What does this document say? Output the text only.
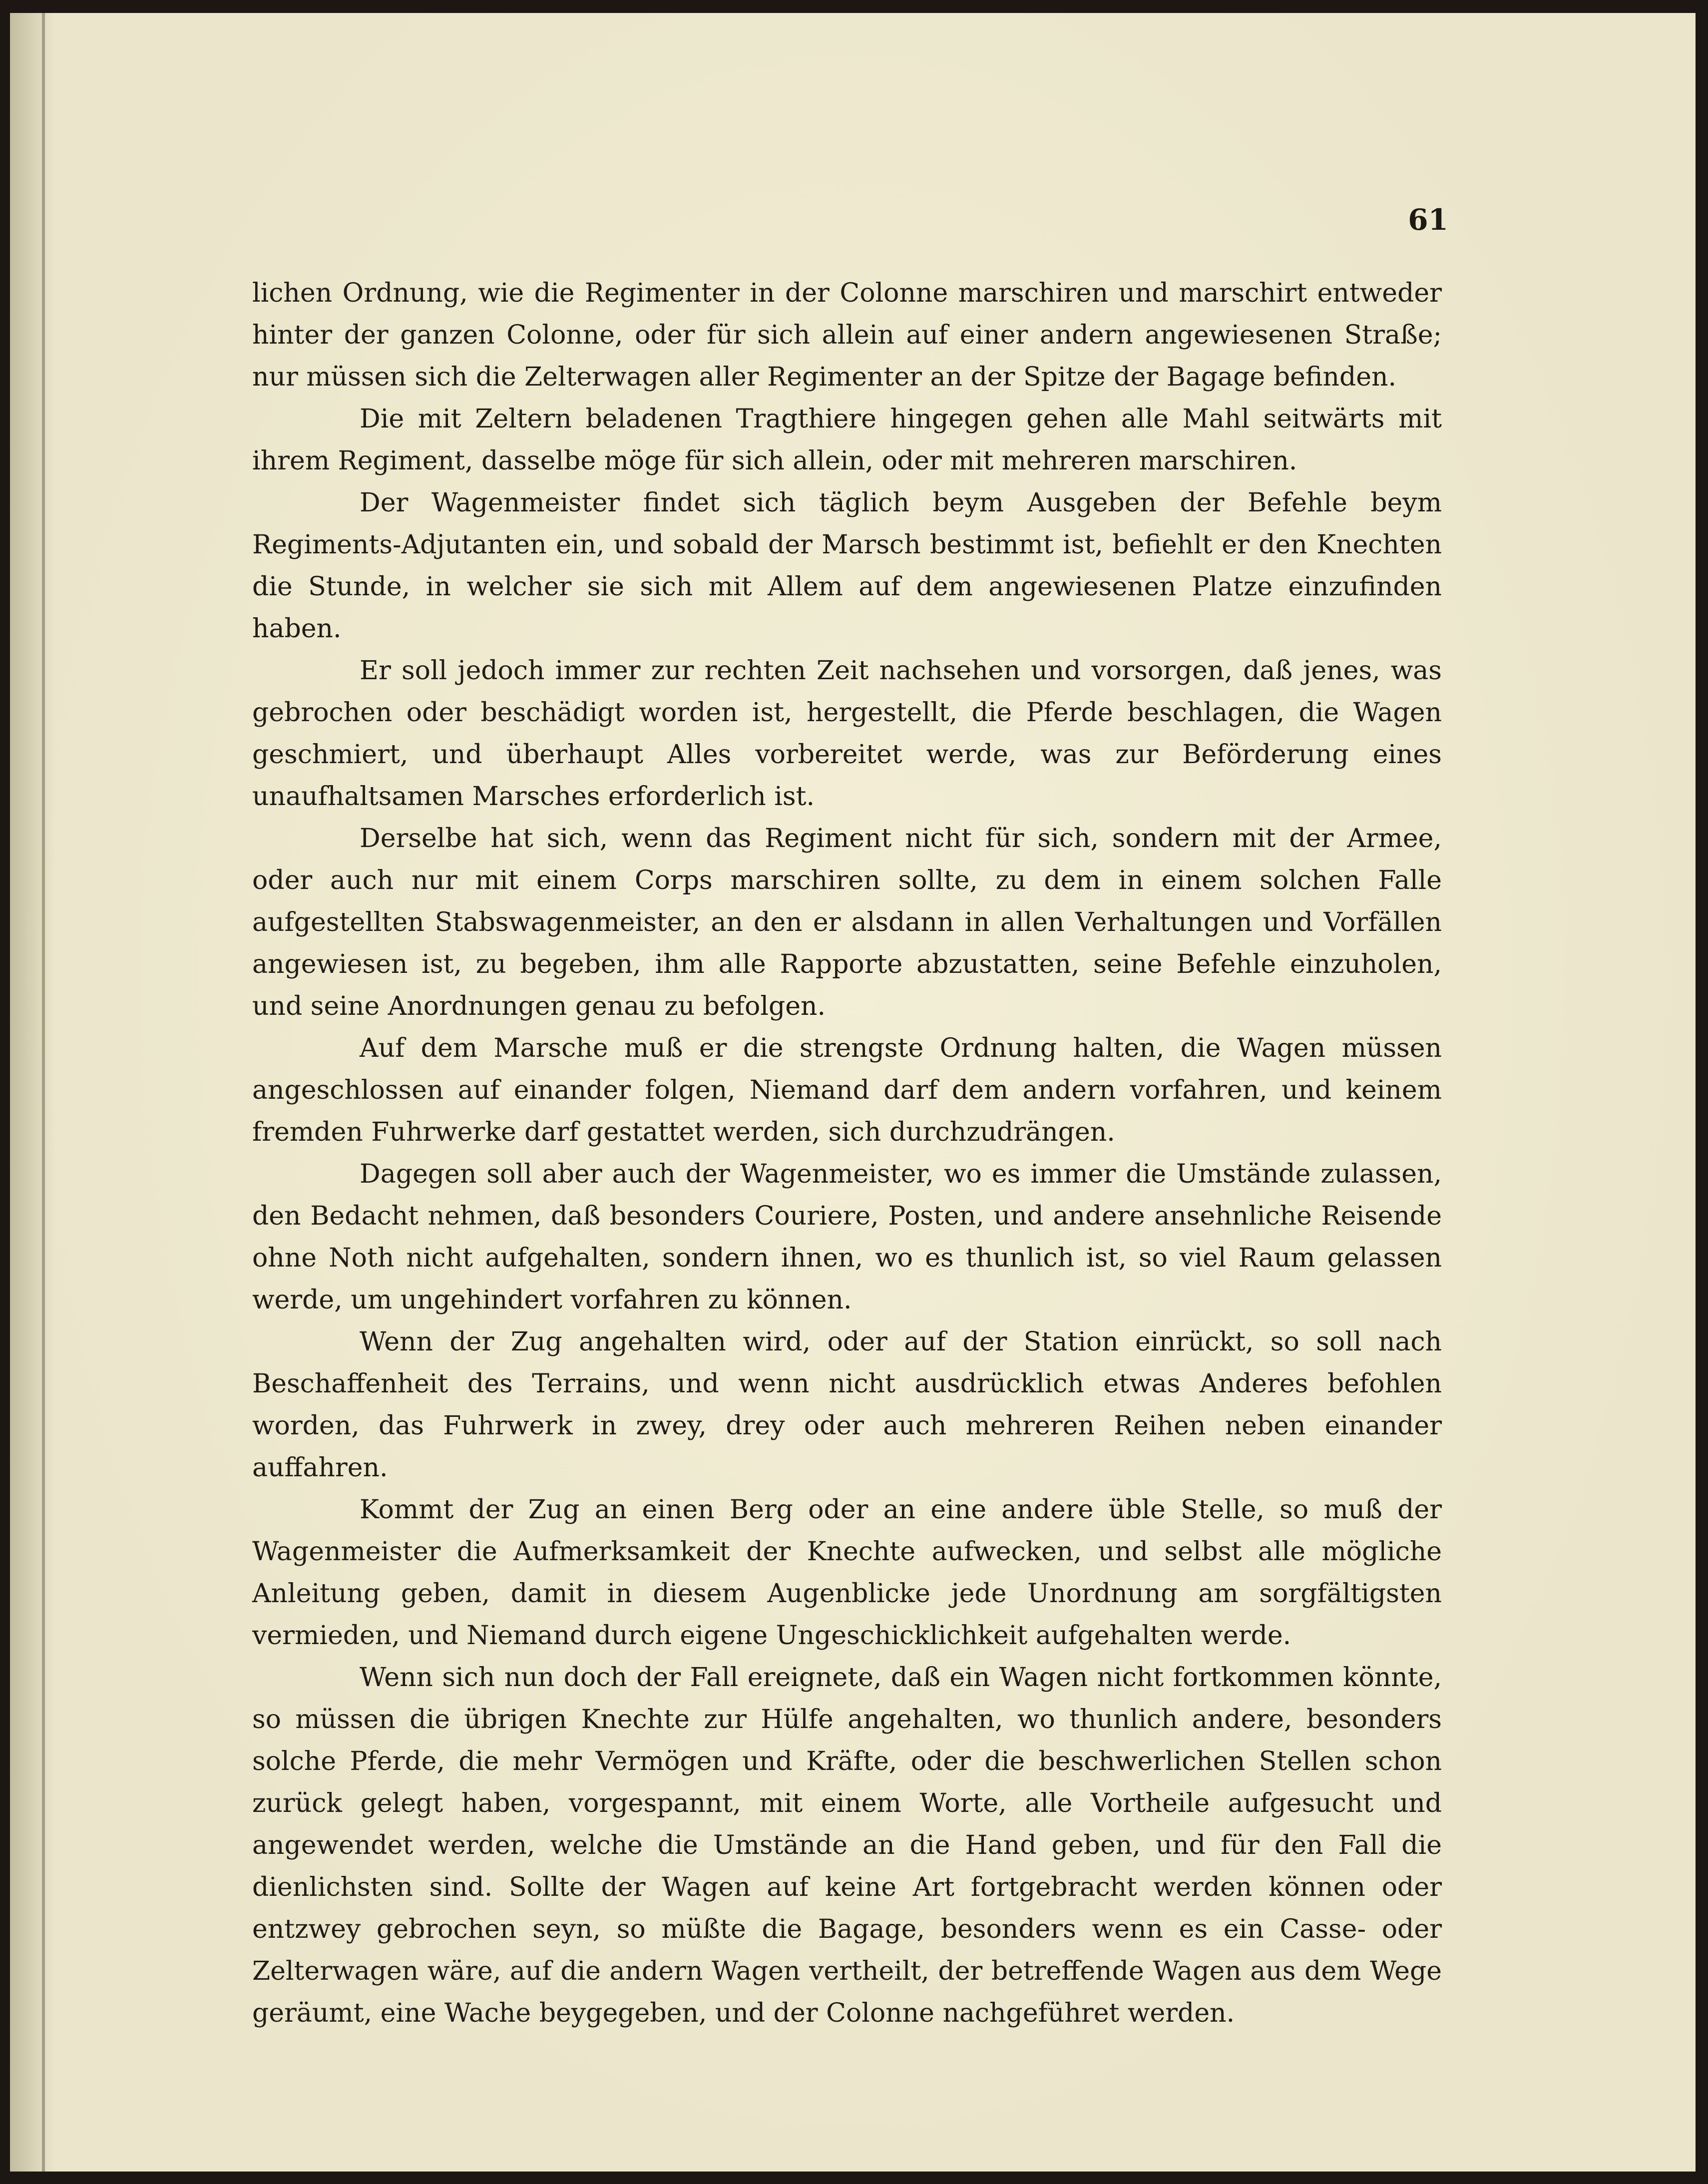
61

lichen Ordnung, wie die Regimenter in der Colonne marschiren und marschirt entweder hinter der ganzen Colonne, oder für sich allein auf einer andern angewiesenen Straße; nur müssen sich die Zelterwagen aller Regimenter an der Spitze der Bagage befinden.

Die mit Zeltern beladenen Tragthiere hingegen gehen alle Mahl seitwärts mit ihrem Regiment, dasselbe möge für sich allein, oder mit mehreren marschiren.

Der Wagenmeister findet sich täglich beym Ausgeben der Befehle beym Regiments-Adjutanten ein, und sobald der Marsch bestimmt ist, befiehlt er den Knechten die Stunde, in welcher sie sich mit Allem auf dem angewiesenen Platze einzufinden haben.

Er soll jedoch immer zur rechten Zeit nachsehen und vorsorgen, daß jenes, was gebrochen oder beschädigt worden ist, hergestellt, die Pferde beschlagen, die Wagen geschmiert, und überhaupt Alles vorbereitet werde, was zur Beförderung eines unaufhaltsamen Marsches erforderlich ist.

Derselbe hat sich, wenn das Regiment nicht für sich, sondern mit der Armee, oder auch nur mit einem Corps marschiren sollte, zu dem in einem solchen Falle aufgestellten Stabswagenmeister, an den er alsdann in allen Verhaltungen und Vorfällen angewiesen ist, zu begeben, ihm alle Rapporte abzustatten, seine Befehle einzuholen, und seine Anordnungen genau zu befolgen.

Auf dem Marsche muß er die strengste Ordnung halten, die Wagen müssen angeschlossen auf einander folgen, Niemand darf dem andern vorfahren, und keinem fremden Fuhrwerke darf gestattet werden, sich durchzudrängen.

Dagegen soll aber auch der Wagenmeister, wo es immer die Umstände zulassen, den Bedacht nehmen, daß besonders Couriere, Posten, und andere ansehnliche Reisende ohne Noth nicht aufgehalten, sondern ihnen, wo es thunlich ist, so viel Raum gelassen werde, um ungehindert vorfahren zu können.

Wenn der Zug angehalten wird, oder auf der Station einrückt, so soll nach Beschaffenheit des Terrains, und wenn nicht ausdrücklich etwas Anderes befohlen worden, das Fuhrwerk in zwey, drey oder auch mehreren Reihen neben einander auffahren.

Kommt der Zug an einen Berg oder an eine andere üble Stelle, so muß der Wagenmeister die Aufmerksamkeit der Knechte aufwecken, und selbst alle mögliche Anleitung geben, damit in diesem Augenblicke jede Unordnung am sorgfältigsten vermieden, und Niemand durch eigene Ungeschicklichkeit aufgehalten werde.

Wenn sich nun doch der Fall ereignete, daß ein Wagen nicht fortkommen könnte, so müssen die übrigen Knechte zur Hülfe angehalten, wo thunlich andere, besonders solche Pferde, die mehr Vermögen und Kräfte, oder die beschwerlichen Stellen schon zurück gelegt haben, vorgespannt, mit einem Worte, alle Vortheile aufgesucht und angewendet werden, welche die Umstände an die Hand geben, und für den Fall die dienlichsten sind. Sollte der Wagen auf keine Art fortgebracht werden können oder entzwey gebrochen seyn, so müßte die Bagage, besonders wenn es ein Casse- oder Zelterwagen wäre, auf die andern Wagen vertheilt, der betreffende Wagen aus dem Wege geräumt, eine Wache beygegeben, und der Colonne nachgeführet werden.
